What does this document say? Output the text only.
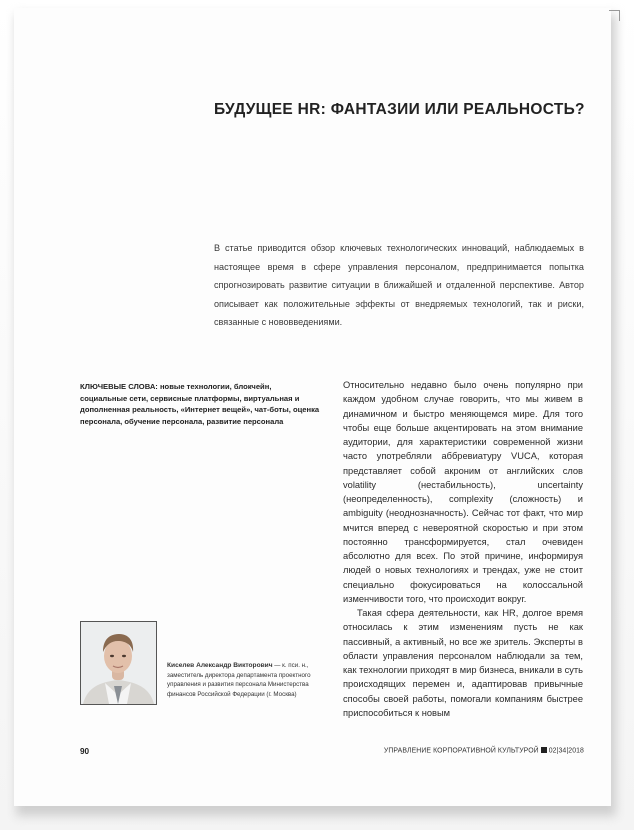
БУДУЩЕЕ HR: ФАНТАЗИИ ИЛИ РЕАЛЬНОСТЬ?

В статье приводится обзор ключевых технологических инноваций, наблюдаемых в настоящее время в сфере управления персоналом, предпринимается попытка спрогнозировать развитие ситуации в ближайшей и отдаленной перспективе. Автор описывает как положительные эффекты от внедряемых технологий, так и риски, связанные с нововведениями.

КЛЮЧЕВЫЕ СЛОВА: новые технологии, блокчейн, социальные сети, сервисные платформы, виртуальная и дополненная реальность, «Интернет вещей», чат-боты, оценка персонала, обучение персонала, развитие персонала

Относительно недавно было очень популярно при каждом удобном случае говорить, что мы живем в динамичном и быстро меняющемся мире. Для того чтобы еще больше акцентировать на этом внимание аудитории, для характеристики современной жизни часто употребляли аббревиатуру VUCA, которая представляет собой акроним от английских слов volatility (нестабильность), uncertainty (неопределенность), complexity (сложность) и ambiguity (неоднозначность). Сейчас тот факт, что мир мчится вперед с невероятной скоростью и при этом постоянно трансформируется, стал очевиден абсолютно для всех. По этой причине, информируя людей о новых технологиях и трендах, уже не стоит специально фокусироваться на колоссальной изменчивости того, что происходит вокруг.

Такая сфера деятельности, как HR, долгое время относилась к этим изменениям пусть не как пассивный, а активный, но все же зритель. Эксперты в области управления персоналом наблюдали за тем, как технологии приходят в мир бизнеса, вникали в суть происходящих перемен и, адаптировав привычные способы своей работы, помогали компаниям быстрее приспособиться к новым

Киселев Александр Викторович — к. пси. н., заместитель директора департамента проектного управления и развития персонала Министерства финансов Российской Федерации (г. Москва)

90	УПРАВЛЕНИЕ КОРПОРАТИВНОЙ КУЛЬТУРОЙ 02|34|2018
